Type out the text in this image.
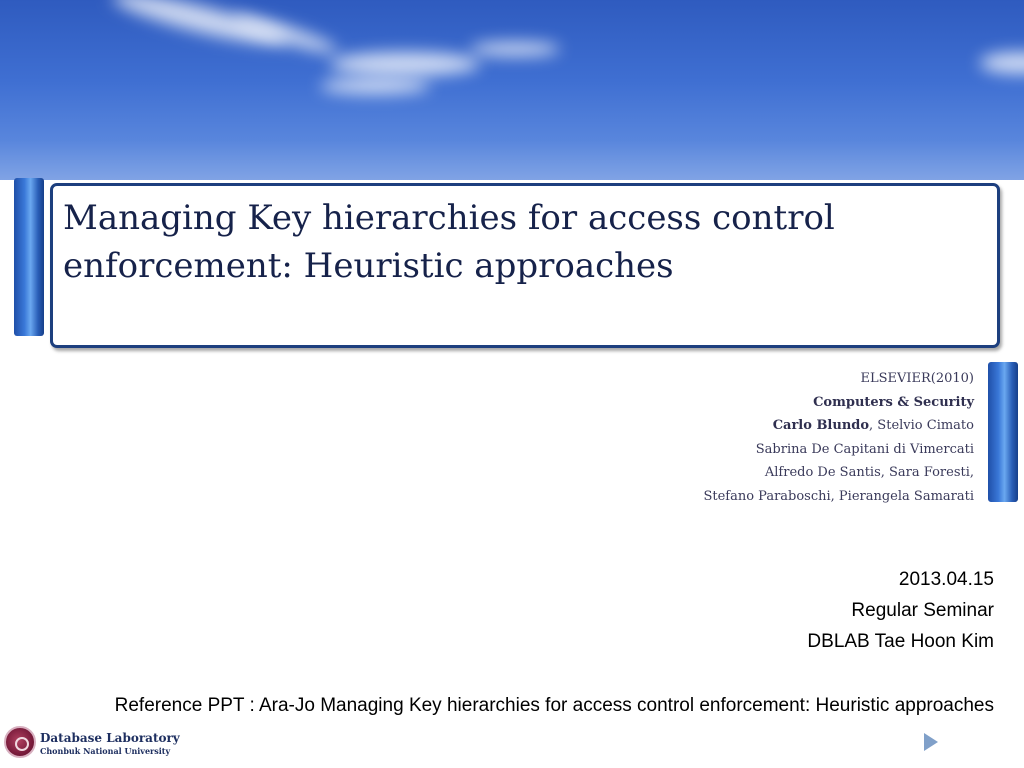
Managing Key hierarchies for access control enforcement: Heuristic approaches
ELSEVIER(2010)
Computers & Security
Carlo Blundo, Stelvio Cimato
Sabrina De Capitani di Vimercati
Alfredo De Santis, Sara Foresti,
Stefano Paraboschi, Pierangela Samarati
2013.04.15
Regular Seminar
DBLAB Tae Hoon Kim
Reference PPT : Ara-Jo Managing Key hierarchies for access control enforcement: Heuristic approaches
Database Laboratory
Chonbuk National University
